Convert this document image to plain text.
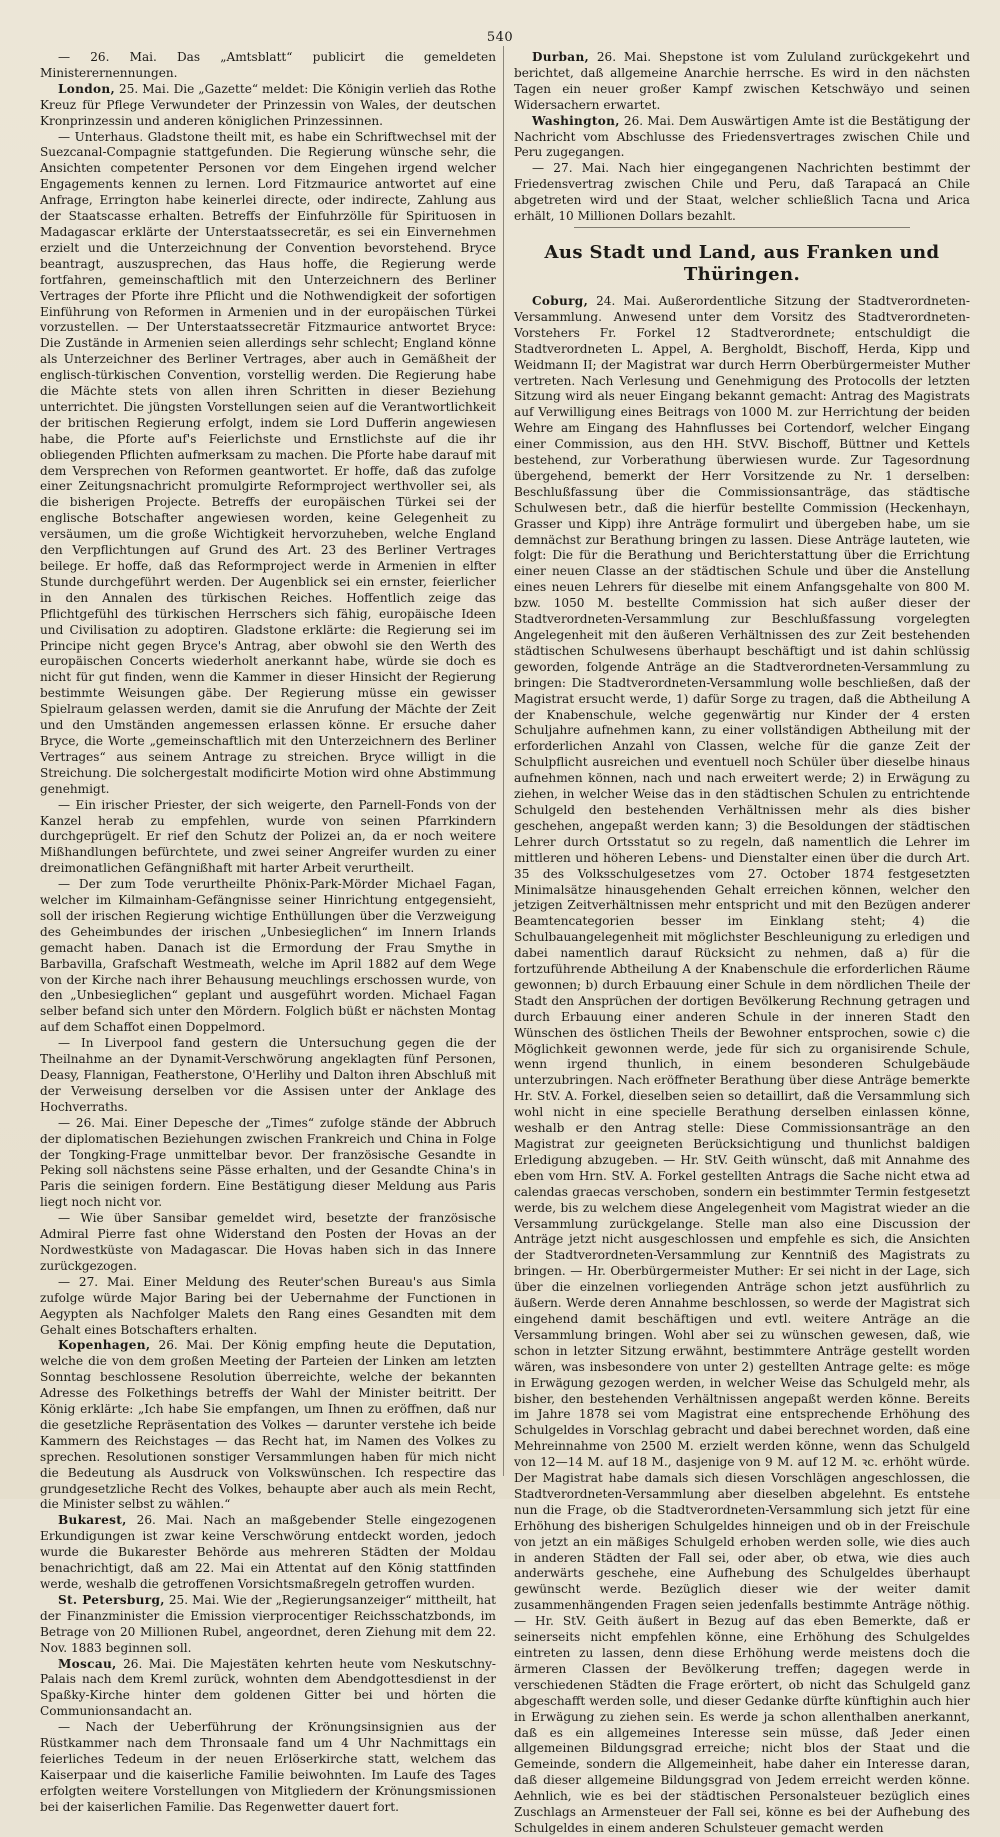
540

— 26. Mai. Das „Amtsblatt“ publicirt die gemeldeten Ministerernennungen.

London, 25. Mai. Die „Gazette“ meldet: Die Königin verlieh das Rothe Kreuz für Pflege Verwundeter der Prinzessin von Wales, der deutschen Kronprinzessin und anderen königlichen Prinzessinnen.

— Unterhaus. Gladstone theilt mit, es habe ein Schriftwechsel mit der Suezcanal-Compagnie stattgefunden. Die Regierung wünsche sehr, die Ansichten competenter Personen vor dem Eingehen irgend welcher Engagements kennen zu lernen. Lord Fitzmaurice antwortet auf eine Anfrage, Errington habe keinerlei directe, oder indirecte, Zahlung aus der Staatscasse erhalten. Betreffs der Einfuhrzölle für Spirituosen in Madagascar erklärte der Unterstaatssecretär, es sei ein Einvernehmen erzielt und die Unterzeichnung der Convention bevorstehend. Bryce beantragt, auszusprechen, das Haus hoffe, die Regierung werde fortfahren, gemeinschaftlich mit den Unterzeichnern des Berliner Vertrages der Pforte ihre Pflicht und die Nothwendigkeit der sofortigen Einführung von Reformen in Armenien und in der europäischen Türkei vorzustellen. — Der Unterstaatssecretär Fitzmaurice antwortet Bryce: Die Zustände in Armenien seien allerdings sehr schlecht; England könne als Unterzeichner des Berliner Vertrages, aber auch in Gemäßheit der englisch-türkischen Convention, vorstellig werden. Die Regierung habe die Mächte stets von allen ihren Schritten in dieser Beziehung unterrichtet. Die jüngsten Vorstellungen seien auf die Verantwortlichkeit der britischen Regierung erfolgt, indem sie Lord Dufferin angewiesen habe, die Pforte auf's Feierlichste und Ernstlichste auf die ihr obliegenden Pflichten aufmerksam zu machen. Die Pforte habe darauf mit dem Versprechen von Reformen geantwortet. Er hoffe, daß das zufolge einer Zeitungsnachricht promulgirte Reformproject werthvoller sei, als die bisherigen Projecte. Betreffs der europäischen Türkei sei der englische Botschafter angewiesen worden, keine Gelegenheit zu versäumen, um die große Wichtigkeit hervorzuheben, welche England den Verpflichtungen auf Grund des Art. 23 des Berliner Vertrages beilege. Er hoffe, daß das Reformproject werde in Armenien in elfter Stunde durchgeführt werden. Der Augenblick sei ein ernster, feierlicher in den Annalen des türkischen Reiches. Hoffentlich zeige das Pflichtgefühl des türkischen Herrschers sich fähig, europäische Ideen und Civilisation zu adoptiren. Gladstone erklärte: die Regierung sei im Principe nicht gegen Bryce's Antrag, aber obwohl sie den Werth des europäischen Concerts wiederholt anerkannt habe, würde sie doch es nicht für gut finden, wenn die Kammer in dieser Hinsicht der Regierung bestimmte Weisungen gäbe. Der Regierung müsse ein gewisser Spielraum gelassen werden, damit sie die Anrufung der Mächte der Zeit und den Umständen angemessen erlassen könne. Er ersuche daher Bryce, die Worte „gemeinschaftlich mit den Unterzeichnern des Berliner Vertrages“ aus seinem Antrage zu streichen. Bryce willigt in die Streichung. Die solchergestalt modificirte Motion wird ohne Abstimmung genehmigt.

— Ein irischer Priester, der sich weigerte, den Parnell-Fonds von der Kanzel herab zu empfehlen, wurde von seinen Pfarrkindern durchgeprügelt. Er rief den Schutz der Polizei an, da er noch weitere Mißhandlungen befürchtete, und zwei seiner Angreifer wurden zu einer dreimonatlichen Gefängnißhaft mit harter Arbeit verurtheilt.

— Der zum Tode verurtheilte Phönix-Park-Mörder Michael Fagan, welcher im Kilmainham-Gefängnisse seiner Hinrichtung entgegensieht, soll der irischen Regierung wichtige Enthüllungen über die Verzweigung des Geheimbundes der irischen „Unbesieglichen“ im Innern Irlands gemacht haben. Danach ist die Ermordung der Frau Smythe in Barbavilla, Grafschaft Westmeath, welche im April 1882 auf dem Wege von der Kirche nach ihrer Behausung meuchlings erschossen wurde, von den „Unbesieglichen“ geplant und ausgeführt worden. Michael Fagan selber befand sich unter den Mördern. Folglich büßt er nächsten Montag auf dem Schaffot einen Doppelmord.

— In Liverpool fand gestern die Untersuchung gegen die der Theilnahme an der Dynamit-Verschwörung angeklagten fünf Personen, Deasy, Flannigan, Featherstone, O'Herlihy und Dalton ihren Abschluß mit der Verweisung derselben vor die Assisen unter der Anklage des Hochverraths.

— 26. Mai. Einer Depesche der „Times“ zufolge stände der Abbruch der diplomatischen Beziehungen zwischen Frankreich und China in Folge der Tongking-Frage unmittelbar bevor. Der französische Gesandte in Peking soll nächstens seine Pässe erhalten, und der Gesandte China's in Paris die seinigen fordern. Eine Bestätigung dieser Meldung aus Paris liegt noch nicht vor.

— Wie über Sansibar gemeldet wird, besetzte der französische Admiral Pierre fast ohne Widerstand den Posten der Hovas an der Nordwestküste von Madagascar. Die Hovas haben sich in das Innere zurückgezogen.

— 27. Mai. Einer Meldung des Reuter'schen Bureau's aus Simla zufolge würde Major Baring bei der Uebernahme der Functionen in Aegypten als Nachfolger Malets den Rang eines Gesandten mit dem Gehalt eines Botschafters erhalten.

Kopenhagen, 26. Mai. Der König empfing heute die Deputation, welche die von dem großen Meeting der Parteien der Linken am letzten Sonntag beschlossene Resolution überreichte, welche der bekannten Adresse des Folkethings betreffs der Wahl der Minister beitritt. Der König erklärte: „Ich habe Sie empfangen, um Ihnen zu eröffnen, daß nur die gesetzliche Repräsentation des Volkes — darunter verstehe ich beide Kammern des Reichstages — das Recht hat, im Namen des Volkes zu sprechen. Resolutionen sonstiger Versammlungen haben für mich nicht die Bedeutung als Ausdruck von Volkswünschen. Ich respectire das grundgesetzliche Recht des Volkes, behaupte aber auch als mein Recht, die Minister selbst zu wählen.“

Bukarest, 26. Mai. Nach an maßgebender Stelle eingezogenen Erkundigungen ist zwar keine Verschwörung entdeckt worden, jedoch wurde die Bukarester Behörde aus mehreren Städten der Moldau benachrichtigt, daß am 22. Mai ein Attentat auf den König stattfinden werde, weshalb die getroffenen Vorsichtsmaßregeln getroffen wurden.

St. Petersburg, 25. Mai. Wie der „Regierungsanzeiger“ mittheilt, hat der Finanzminister die Emission vierprocentiger Reichsschatzbonds, im Betrage von 20 Millionen Rubel, angeordnet, deren Ziehung mit dem 22. Nov. 1883 beginnen soll.

Moscau, 26. Mai. Die Majestäten kehrten heute vom Neskutschny-Palais nach dem Kreml zurück, wohnten dem Abendgottesdienst in der Spaßky-Kirche hinter dem goldenen Gitter bei und hörten die Communionsandacht an.

— Nach der Ueberführung der Krönungsinsignien aus der Rüstkammer nach dem Thronsaale fand um 4 Uhr Nachmittags ein feierliches Tedeum in der neuen Erlöserkirche statt, welchem das Kaiserpaar und die kaiserliche Familie beiwohnten. Im Laufe des Tages erfolgten weitere Vorstellungen von Mitgliedern der Krönungsmissionen bei der kaiserlichen Familie. Das Regenwetter dauert fort.

Durban, 26. Mai. Shepstone ist vom Zululand zurückgekehrt und berichtet, daß allgemeine Anarchie herrsche. Es wird in den nächsten Tagen ein neuer großer Kampf zwischen Ketschwäyo und seinen Widersachern erwartet.

Washington, 26. Mai. Dem Auswärtigen Amte ist die Bestätigung der Nachricht vom Abschlusse des Friedensvertrages zwischen Chile und Peru zugegangen.

— 27. Mai. Nach hier eingegangenen Nachrichten bestimmt der Friedensvertrag zwischen Chile und Peru, daß Tarapacá an Chile abgetreten wird und der Staat, welcher schließlich Tacna und Arica erhält, 10 Millionen Dollars bezahlt.

Aus Stadt und Land, aus Franken und Thüringen.

Coburg, 24. Mai. Außerordentliche Sitzung der Stadtverordneten-Versammlung. Anwesend unter dem Vorsitz des Stadtverordneten-Vorstehers Fr. Forkel 12 Stadtverordnete; entschuldigt die Stadtverordneten L. Appel, A. Bergholdt, Bischoff, Herda, Kipp und Weidmann II; der Magistrat war durch Herrn Oberbürgermeister Muther vertreten. Nach Verlesung und Genehmigung des Protocolls der letzten Sitzung wird als neuer Eingang bekannt gemacht: Antrag des Magistrats auf Verwilligung eines Beitrags von 1000 M. zur Herrichtung der beiden Wehre am Eingang des Hahnflusses bei Cortendorf, welcher Eingang einer Commission, aus den HH. StVV. Bischoff, Büttner und Kettels bestehend, zur Vorberathung überwiesen wurde. Zur Tagesordnung übergehend, bemerkt der Herr Vorsitzende zu Nr. 1 derselben: Beschlußfassung über die Commissionsanträge, das städtische Schulwesen betr., daß die hierfür bestellte Commission (Heckenhayn, Grasser und Kipp) ihre Anträge formulirt und übergeben habe, um sie demnächst zur Berathung bringen zu lassen. Diese Anträge lauteten, wie folgt: Die für die Berathung und Berichterstattung über die Errichtung einer neuen Classe an der städtischen Schule und über die Anstellung eines neuen Lehrers für dieselbe mit einem Anfangsgehalte von 800 M. bzw. 1050 M. bestellte Commission hat sich außer dieser der Stadtverordneten-Versammlung zur Beschlußfassung vorgelegten Angelegenheit mit den äußeren Verhältnissen des zur Zeit bestehenden städtischen Schulwesens überhaupt beschäftigt und ist dahin schlüssig geworden, folgende Anträge an die Stadtverordneten-Versammlung zu bringen: Die Stadtverordneten-Versammlung wolle beschließen, daß der Magistrat ersucht werde, 1) dafür Sorge zu tragen, daß die Abtheilung A der Knabenschule, welche gegenwärtig nur Kinder der 4 ersten Schuljahre aufnehmen kann, zu einer vollständigen Abtheilung mit der erforderlichen Anzahl von Classen, welche für die ganze Zeit der Schulpflicht ausreichen und eventuell noch Schüler über dieselbe hinaus aufnehmen können, nach und nach erweitert werde; 2) in Erwägung zu ziehen, in welcher Weise das in den städtischen Schulen zu entrichtende Schulgeld den bestehenden Verhältnissen mehr als dies bisher geschehen, angepaßt werden kann; 3) die Besoldungen der städtischen Lehrer durch Ortsstatut so zu regeln, daß namentlich die Lehrer im mittleren und höheren Lebens- und Dienstalter einen über die durch Art. 35 des Volksschulgesetzes vom 27. October 1874 festgesetzten Minimalsätze hinausgehenden Gehalt erreichen können, welcher den jetzigen Zeitverhältnissen mehr entspricht und mit den Bezügen anderer Beamtencategorien besser im Einklang steht; 4) die Schulbauangelegenheit mit möglichster Beschleunigung zu erledigen und dabei namentlich darauf Rücksicht zu nehmen, daß a) für die fortzuführende Abtheilung A der Knabenschule die erforderlichen Räume gewonnen; b) durch Erbauung einer Schule in dem nördlichen Theile der Stadt den Ansprüchen der dortigen Bevölkerung Rechnung getragen und durch Erbauung einer anderen Schule in der inneren Stadt den Wünschen des östlichen Theils der Bewohner entsprochen, sowie c) die Möglichkeit gewonnen werde, jede für sich zu organisirende Schule, wenn irgend thunlich, in einem besonderen Schulgebäude unterzubringen. Nach eröffneter Berathung über diese Anträge bemerkte Hr. StV. A. Forkel, dieselben seien so detaillirt, daß die Versammlung sich wohl nicht in eine specielle Berathung derselben einlassen könne, weshalb er den Antrag stelle: Diese Commissionsanträge an den Magistrat zur geeigneten Berücksichtigung und thunlichst baldigen Erledigung abzugeben. — Hr. StV. Geith wünscht, daß mit Annahme des eben vom Hrn. StV. A. Forkel gestellten Antrags die Sache nicht etwa ad calendas graecas verschoben, sondern ein bestimmter Termin festgesetzt werde, bis zu welchem diese Angelegenheit vom Magistrat wieder an die Versammlung zurückgelange. Stelle man also eine Discussion der Anträge jetzt nicht ausgeschlossen und empfehle es sich, die Ansichten der Stadtverordneten-Versammlung zur Kenntniß des Magistrats zu bringen. — Hr. Oberbürgermeister Muther: Er sei nicht in der Lage, sich über die einzelnen vorliegenden Anträge schon jetzt ausführlich zu äußern. Werde deren Annahme beschlossen, so werde der Magistrat sich eingehend damit beschäftigen und evtl. weitere Anträge an die Versammlung bringen. Wohl aber sei zu wünschen gewesen, daß, wie schon in letzter Sitzung erwähnt, bestimmtere Anträge gestellt worden wären, was insbesondere von unter 2) gestellten Antrage gelte: es möge in Erwägung gezogen werden, in welcher Weise das Schulgeld mehr, als bisher, den bestehenden Verhältnissen angepaßt werden könne. Bereits im Jahre 1878 sei vom Magistrat eine entsprechende Erhöhung des Schulgeldes in Vorschlag gebracht und dabei berechnet worden, daß eine Mehreinnahme von 2500 M. erzielt werden könne, wenn das Schulgeld von 12—14 M. auf 18 M., dasjenige von 9 M. auf 12 M. ꝛc. erhöht würde. Der Magistrat habe damals sich diesen Vorschlägen angeschlossen, die Stadtverordneten-Versammlung aber dieselben abgelehnt. Es entstehe nun die Frage, ob die Stadtverordneten-Versammlung sich jetzt für eine Erhöhung des bisherigen Schulgeldes hinneigen und ob in der Freischule von jetzt an ein mäßiges Schulgeld erhoben werden solle, wie dies auch in anderen Städten der Fall sei, oder aber, ob etwa, wie dies auch anderwärts geschehe, eine Aufhebung des Schulgeldes überhaupt gewünscht werde. Bezüglich dieser wie der weiter damit zusammenhängenden Fragen seien jedenfalls bestimmte Anträge nöthig. — Hr. StV. Geith äußert in Bezug auf das eben Bemerkte, daß er seinerseits nicht empfehlen könne, eine Erhöhung des Schulgeldes eintreten zu lassen, denn diese Erhöhung werde meistens doch die ärmeren Classen der Bevölkerung treffen; dagegen werde in verschiedenen Städten die Frage erörtert, ob nicht das Schulgeld ganz abgeschafft werden solle, und dieser Gedanke dürfte künftighin auch hier in Erwägung zu ziehen sein. Es werde ja schon allenthalben anerkannt, daß es ein allgemeines Interesse sein müsse, daß Jeder einen allgemeinen Bildungsgrad erreiche; nicht blos der Staat und die Gemeinde, sondern die Allgemeinheit, habe daher ein Interesse daran, daß dieser allgemeine Bildungsgrad von Jedem erreicht werden könne. Aehnlich, wie es bei der städtischen Personalsteuer bezüglich eines Zuschlags an Armensteuer der Fall sei, könne es bei der Aufhebung des Schulgeldes in einem anderen Schulsteuer gemacht werden
